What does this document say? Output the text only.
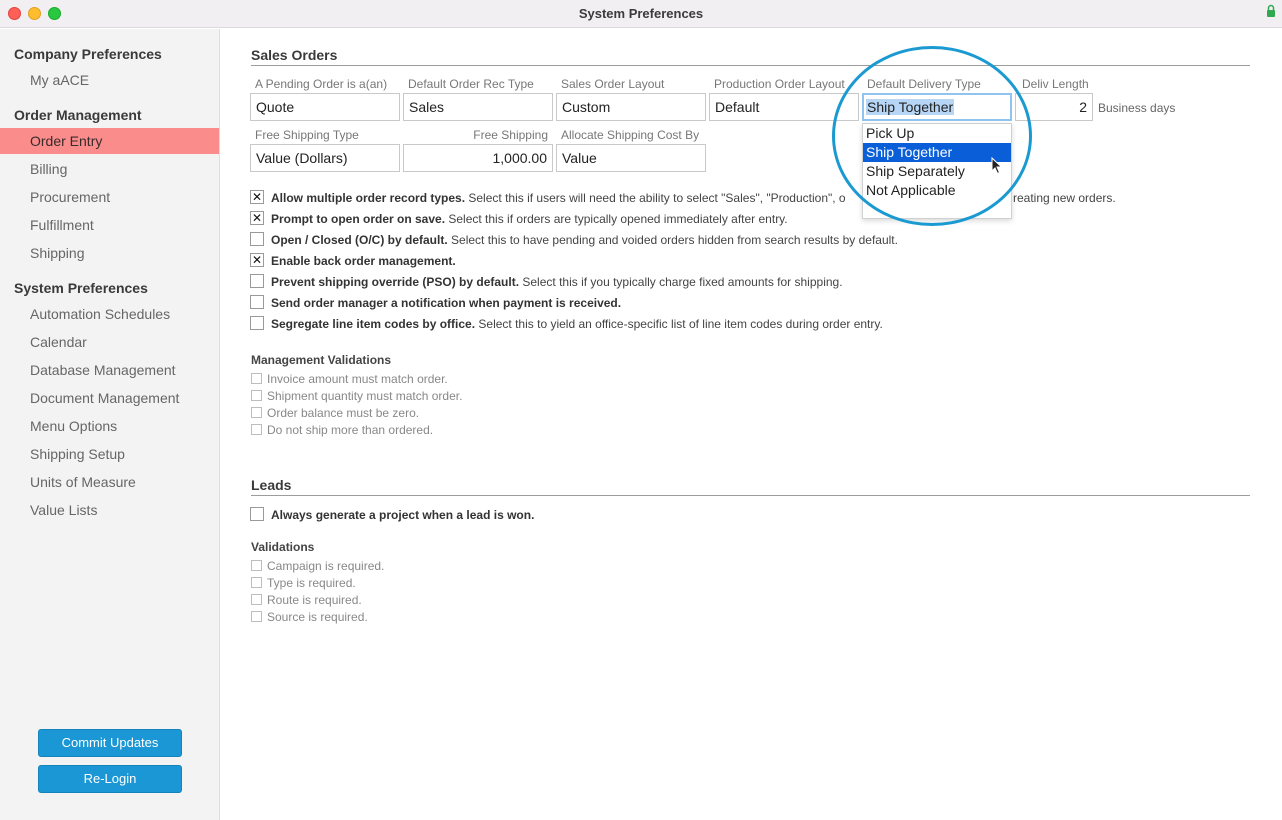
System Preferences
Company Preferences
My aACE
Order Management
Order Entry
Billing
Procurement
Fulfillment
Shipping
System Preferences
Automation Schedules
Calendar
Database Management
Document Management
Menu Options
Shipping Setup
Units of Measure
Value Lists
Commit Updates
Re-Login
Sales Orders
A Pending Order is a(an)
Quote
Default Order Rec Type
Sales
Sales Order Layout
Custom
Production Order Layout
Default
Default Delivery Type
Ship Together
Deliv Length
2 Business days
Free Shipping Type
Value (Dollars)
Free Shipping
1,000.00
Allocate Shipping Cost By
Value
✕ Allow multiple order record types. Select this if users will need the ability to select "Sales", "Production", o	reating new orders.
✕ Prompt to open order on save. Select this if orders are typically opened immediately after entry.
Open / Closed (O/C) by default. Select this to have pending and voided orders hidden from search results by default.
✕ Enable back order management.
Prevent shipping override (PSO) by default. Select this if you typically charge fixed amounts for shipping.
Send order manager a notification when payment is received.
Segregate line item codes by office. Select this to yield an office-specific list of line item codes during order entry.
Management Validations
Invoice amount must match order.
Shipment quantity must match order.
Order balance must be zero.
Do not ship more than ordered.
Leads
Always generate a project when a lead is won.
Validations
Campaign is required.
Type is required.
Route is required.
Source is required.
Pick Up
Ship Together
Ship Separately
Not Applicable
